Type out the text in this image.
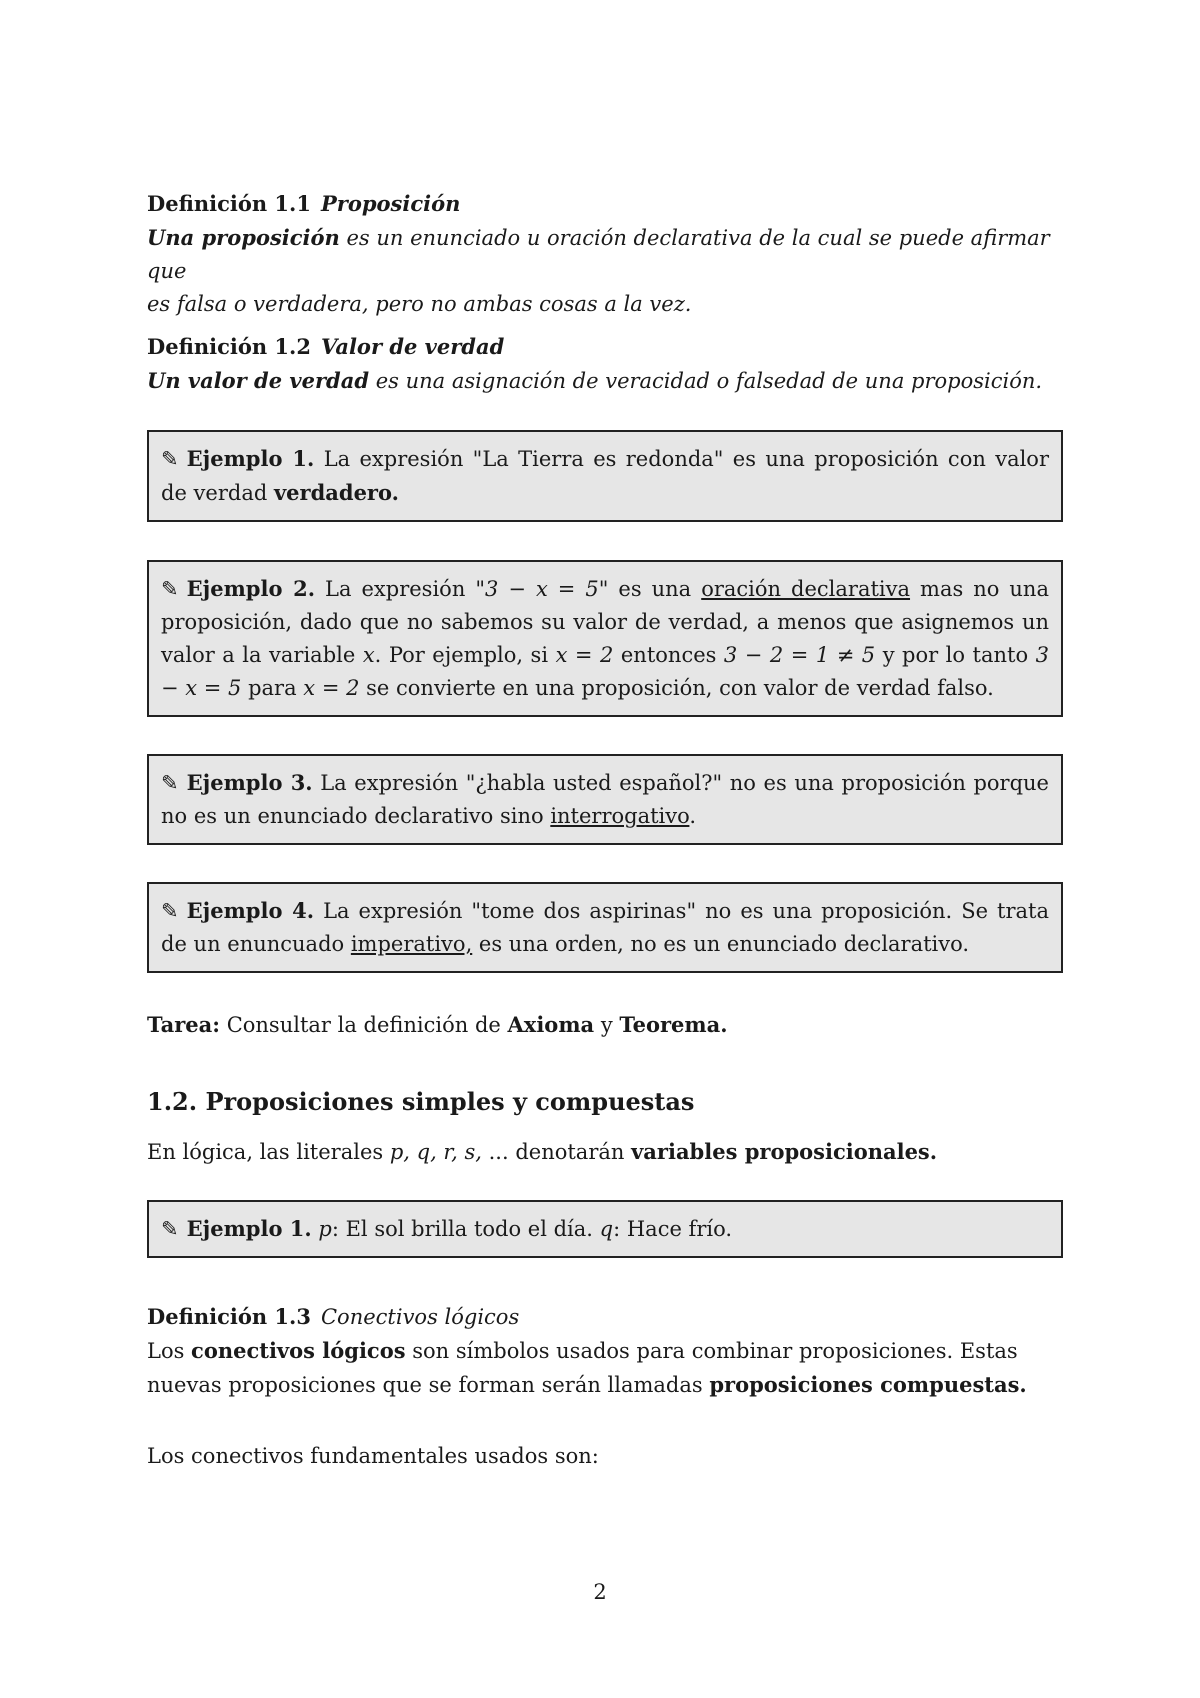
Definición 1.1 Proposición

Una proposición es un enunciado u oración declarativa de la cual se puede afirmar que
es falsa o verdadera, pero no ambas cosas a la vez.

Definición 1.2 Valor de verdad

Un valor de verdad es una asignación de veracidad o falsedad de una proposición.

✎ Ejemplo 1. La expresión "La Tierra es redonda" es una proposición con valor de verdad verdadero.

✎ Ejemplo 2. La expresión "3 − x = 5" es una oración declarativa mas no una proposición, dado que no sabemos su valor de verdad, a menos que asignemos un valor a la variable x. Por ejemplo, si x = 2 entonces 3 − 2 = 1 ≠ 5 y por lo tanto 3 − x = 5 para x = 2 se convierte en una proposición, con valor de verdad falso.

✎ Ejemplo 3. La expresión "¿habla usted español?" no es una proposición porque no es un enunciado declarativo sino interrogativo.

✎ Ejemplo 4. La expresión "tome dos aspirinas" no es una proposición. Se trata de un enuncuado imperativo, es una orden, no es un enunciado declarativo.

Tarea: Consultar la definición de Axioma y Teorema.

1.2. Proposiciones simples y compuestas

En lógica, las literales p, q, r, s, ... denotarán variables proposicionales.

✎ Ejemplo 1. p: El sol brilla todo el día. q: Hace frío.

Definición 1.3 Conectivos lógicos

Los conectivos lógicos son símbolos usados para combinar proposiciones. Estas nuevas proposiciones que se forman serán llamadas proposiciones compuestas.

Los conectivos fundamentales usados son:

2
